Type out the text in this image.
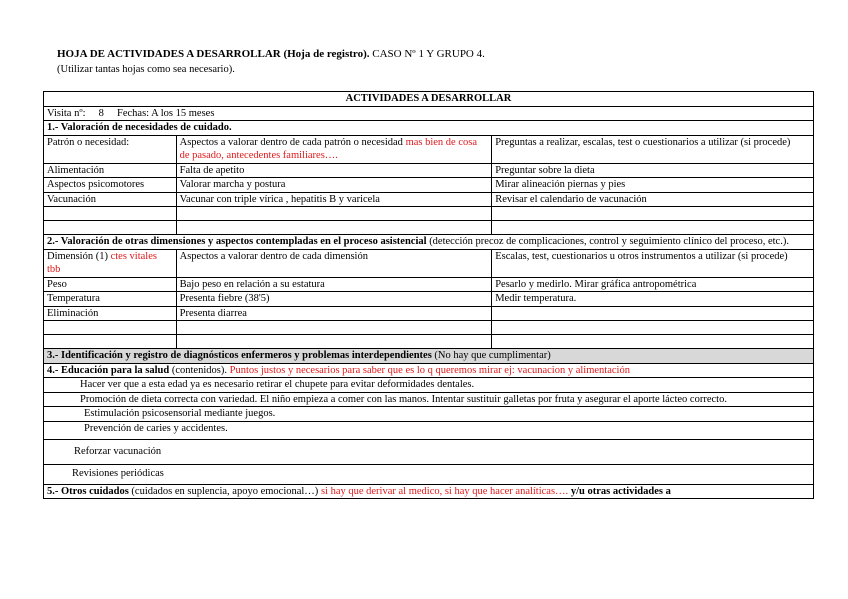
HOJA DE ACTIVIDADES A DESARROLLAR (Hoja de registro). CASO Nº 1 Y GRUPO 4.
(Utilizar tantas hojas como sea necesario).
ACTIVIDADES A DESARROLLAR		
Visita nº: 8 Fechas: A los 15 meses		
1.- Valoración de necesidades de cuidado.		
Patrón o necesidad:	Aspectos a valorar dentro de cada patrón o necesidad mas bien de cosa de pasado, antecedentes familiares….	Preguntas a realizar, escalas, test o cuestionarios a utilizar (si procede)
Alimentación	Falta de apetito	Preguntar sobre la dieta
Aspectos psicomotores	Valorar marcha y postura	Mirar alineación piernas y pies
Vacunación	Vacunar con triple vírica , hepatitis B y varicela	Revisar el calendario de vacunación

2.- Valoración de otras dimensiones y aspectos contempladas en el proceso asistencial (detección precoz de complicaciones, control y seguimiento clínico del proceso, etc.).		
Dimensión (1) ctes vitales tbb	Aspectos a valorar dentro de cada dimensión	Escalas, test, cuestionarios u otros instrumentos a utilizar (si procede)
Peso	Bajo peso en relación a su estatura	Pesarlo y medirlo. Mirar gráfica antropométrica
Temperatura	Presenta fiebre (38'5)	Medir temperatura.
Eliminación	Presenta diarrea	

3.- Identificación y registro de diagnósticos enfermeros y problemas interdependientes (No hay que cumplimentar)		
4.- Educación para la salud (contenidos). Puntos justos y necesarios para saber que es lo q queremos mirar ej: vacunacion y alimentación		
Hacer ver que a esta edad ya es necesario retirar el chupete para evitar deformidades dentales.		
Promoción de dieta correcta con variedad. El niño empieza a comer con las manos. Intentar sustituir galletas por fruta y asegurar el aporte lácteo correcto.		
Estimulación psicosensorial mediante juegos.		
Prevención de caries y accidentes.		
Reforzar vacunación		
Revisiones periódicas		
5.- Otros cuidados (cuidados en suplencia, apoyo emocional…) si hay que derivar al medico, si hay que hacer analíticas…. y/u otras actividades a		
